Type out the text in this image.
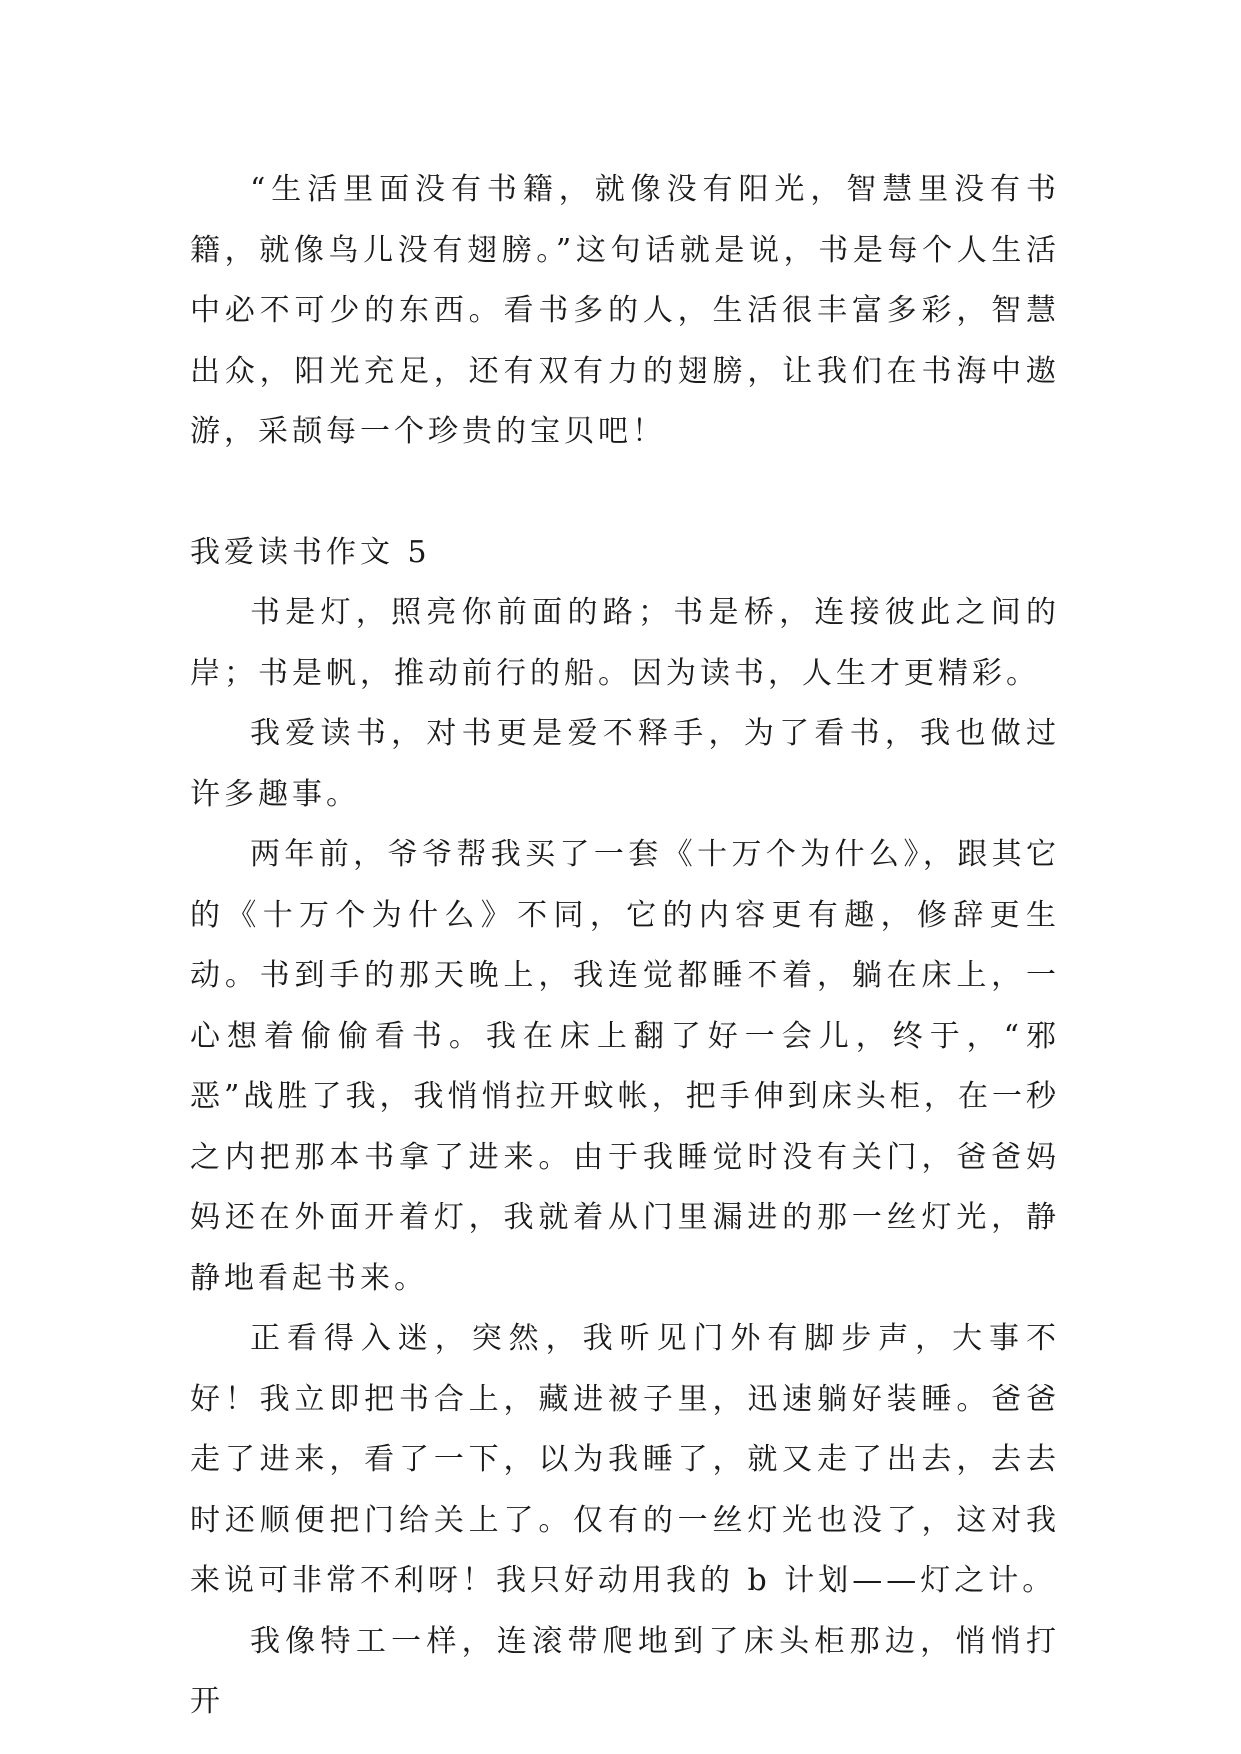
“生活里面没有书籍，就像没有阳光，智慧里没有书籍，就像鸟儿没有翅膀。”这句话就是说，书是每个人生活中必不可少的东西。看书多的人，生活很丰富多彩，智慧出众，阳光充足，还有双有力的翅膀，让我们在书海中遨游，采颉每一个珍贵的宝贝吧！

我爱读书作文 5

书是灯，照亮你前面的路；书是桥，连接彼此之间的岸；书是帆，推动前行的船。因为读书，人生才更精彩。

我爱读书，对书更是爱不释手，为了看书，我也做过许多趣事。

两年前，爷爷帮我买了一套《十万个为什么》，跟其它的《十万个为什么》不同，它的内容更有趣，修辞更生动。书到手的那天晚上，我连觉都睡不着，躺在床上，一心想着偷偷看书。我在床上翻了好一会儿，终于，“邪恶”战胜了我，我悄悄拉开蚊帐，把手伸到床头柜，在一秒之内把那本书拿了进来。由于我睡觉时没有关门，爸爸妈妈还在外面开着灯，我就着从门里漏进的那一丝灯光，静静地看起书来。

正看得入迷，突然，我听见门外有脚步声，大事不好！我立即把书合上，藏进被子里，迅速躺好装睡。爸爸走了进来，看了一下，以为我睡了，就又走了出去，去去时还顺便把门给关上了。仅有的一丝灯光也没了，这对我来说可非常不利呀！我只好动用我的 b 计划——灯之计。

我像特工一样，连滚带爬地到了床头柜那边，悄悄打开
